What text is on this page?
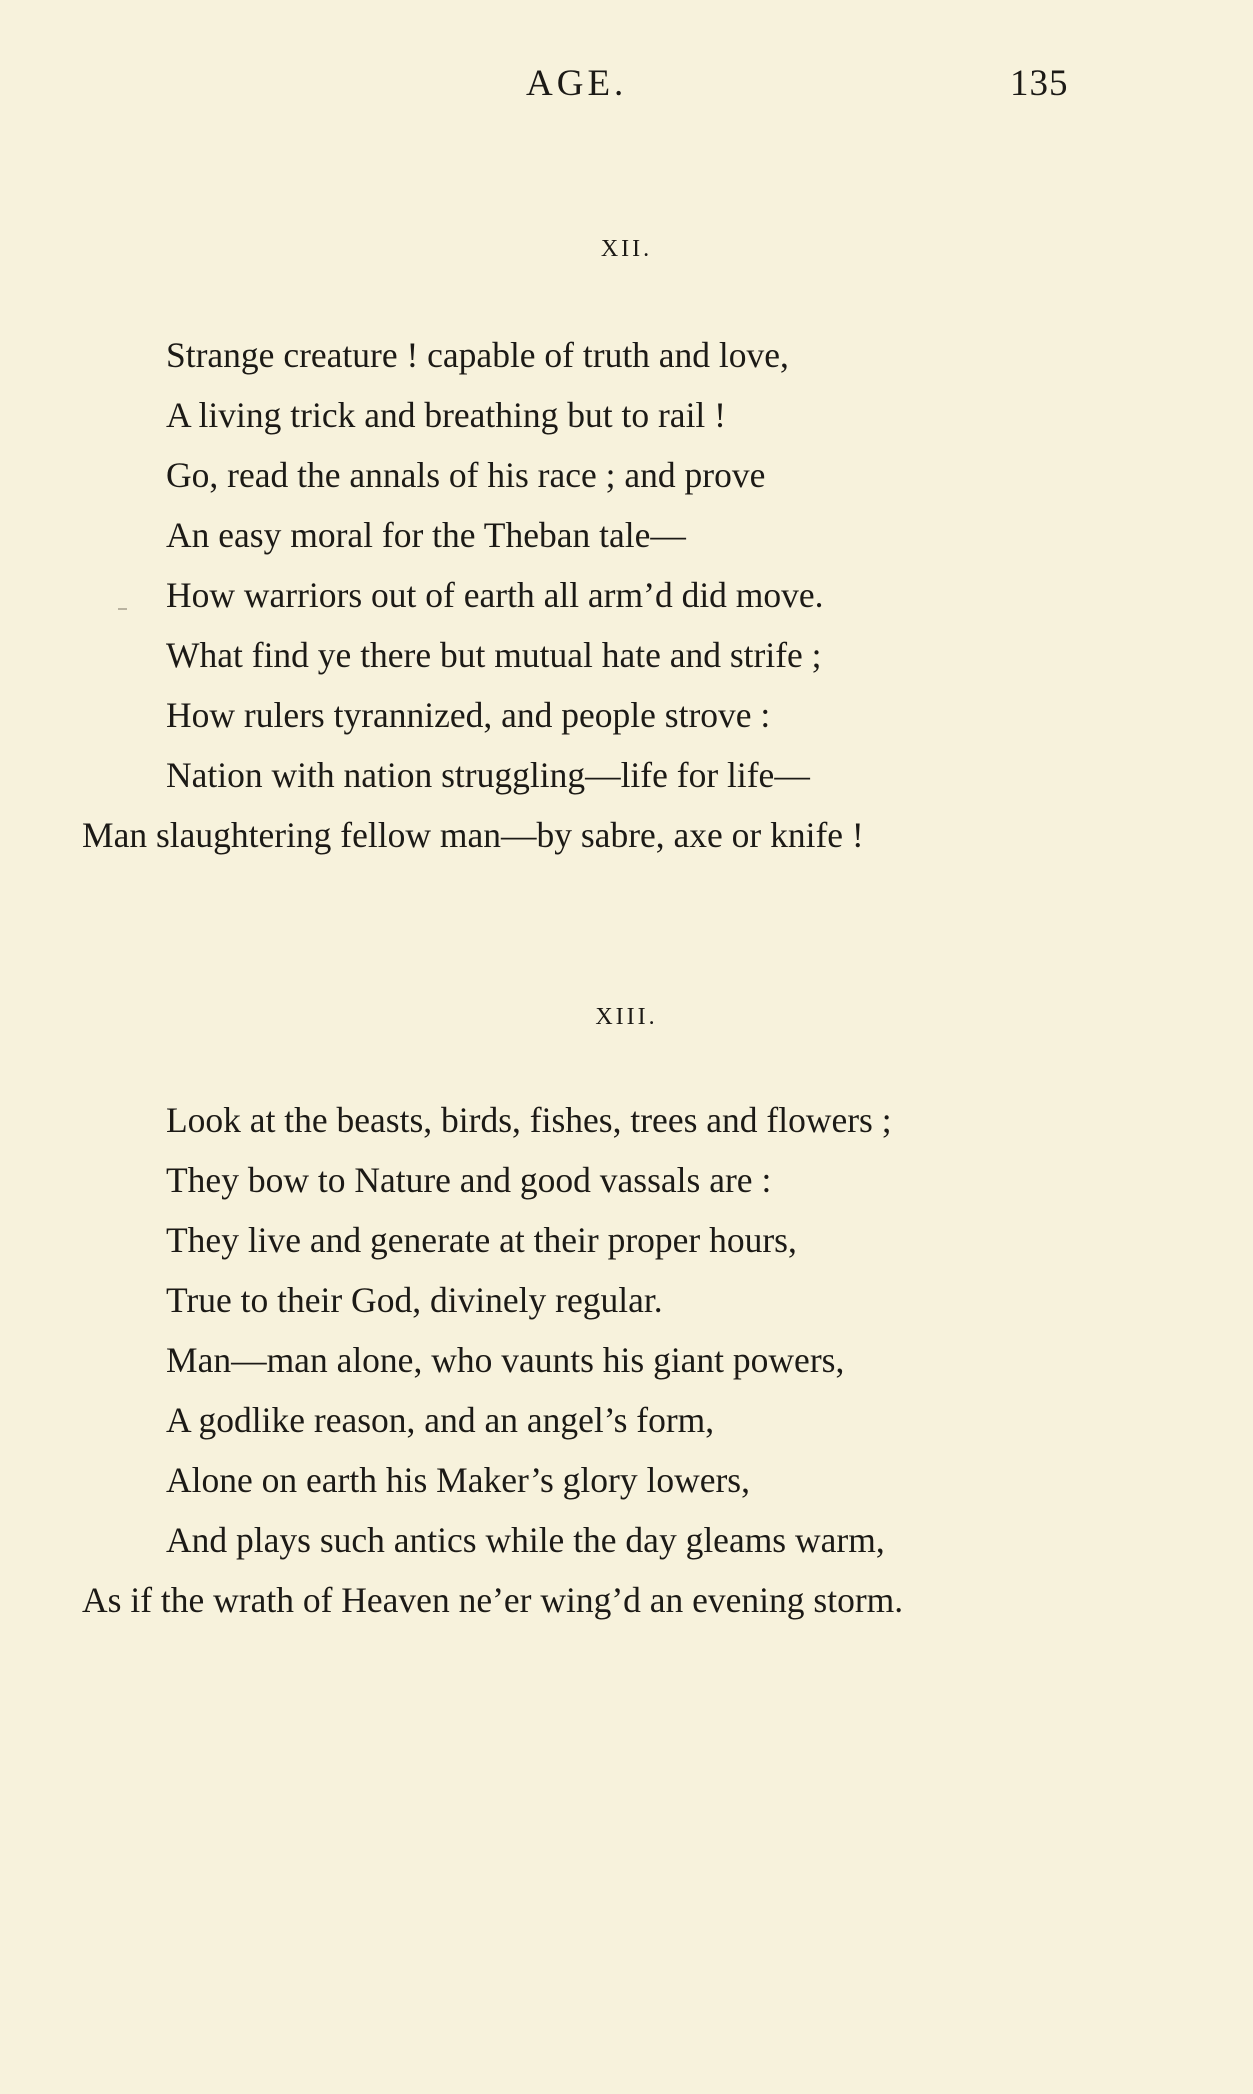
AGE.	135
XII.
Strange creature ! capable of truth and love,
A living trick and breathing but to rail !
Go, read the annals of his race ; and prove
An easy moral for the Theban tale—
How warriors out of earth all arm’d did move.
What find ye there but mutual hate and strife ;
How rulers tyrannized, and people strove :
Nation with nation struggling—life for life—
Man slaughtering fellow man—by sabre, axe or knife !
XIII.
Look at the beasts, birds, fishes, trees and flowers ;
They bow to Nature and good vassals are :
They live and generate at their proper hours,
True to their God, divinely regular.
Man—man alone, who vaunts his giant powers,
A godlike reason, and an angel’s form,
Alone on earth his Maker’s glory lowers,
And plays such antics while the day gleams warm,
As if the wrath of Heaven ne’er wing’d an evening storm.
